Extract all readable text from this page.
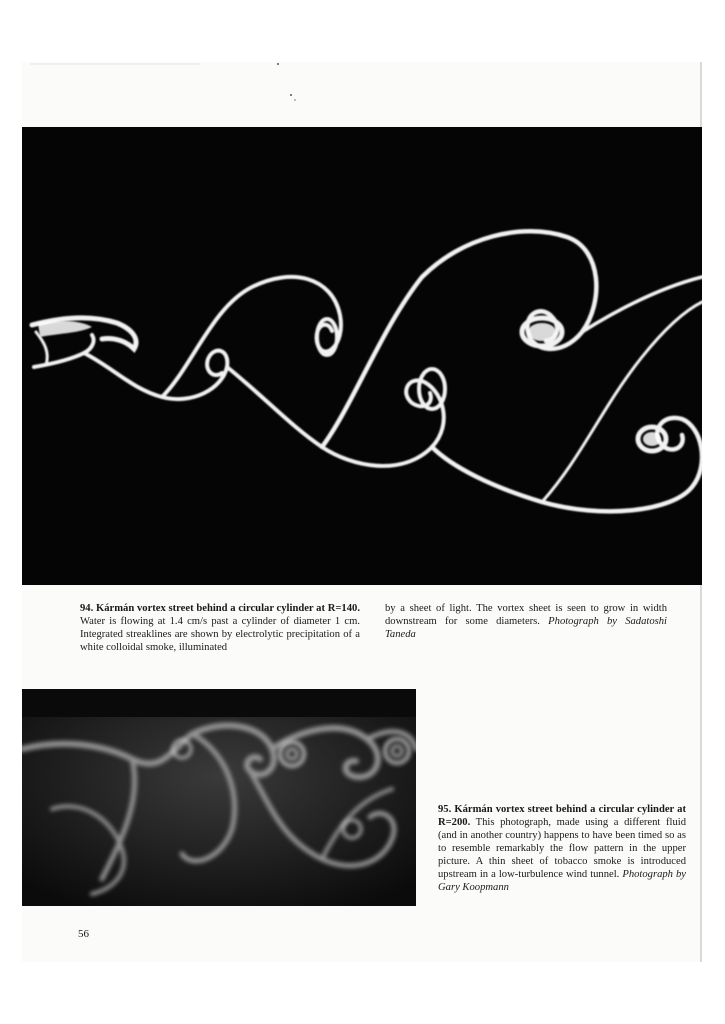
94. Kármán vortex street behind a circular cylinder at R=140. Water is flowing at 1.4 cm/s past a cylinder of diameter 1 cm. Integrated streaklines are shown by electrolytic precipitation of a white colloidal smoke, illuminated
by a sheet of light. The vortex sheet is seen to grow in width downstream for some diameters. Photograph by Sadatoshi Taneda
95. Kármán vortex street behind a circular cylinder at R=200. This photograph, made using a different fluid (and in another country) happens to have been timed so as to resemble remarkably the flow pattern in the upper picture. A thin sheet of tobacco smoke is introduced upstream in a low-turbulence wind tunnel. Photograph by Gary Koopmann
56
